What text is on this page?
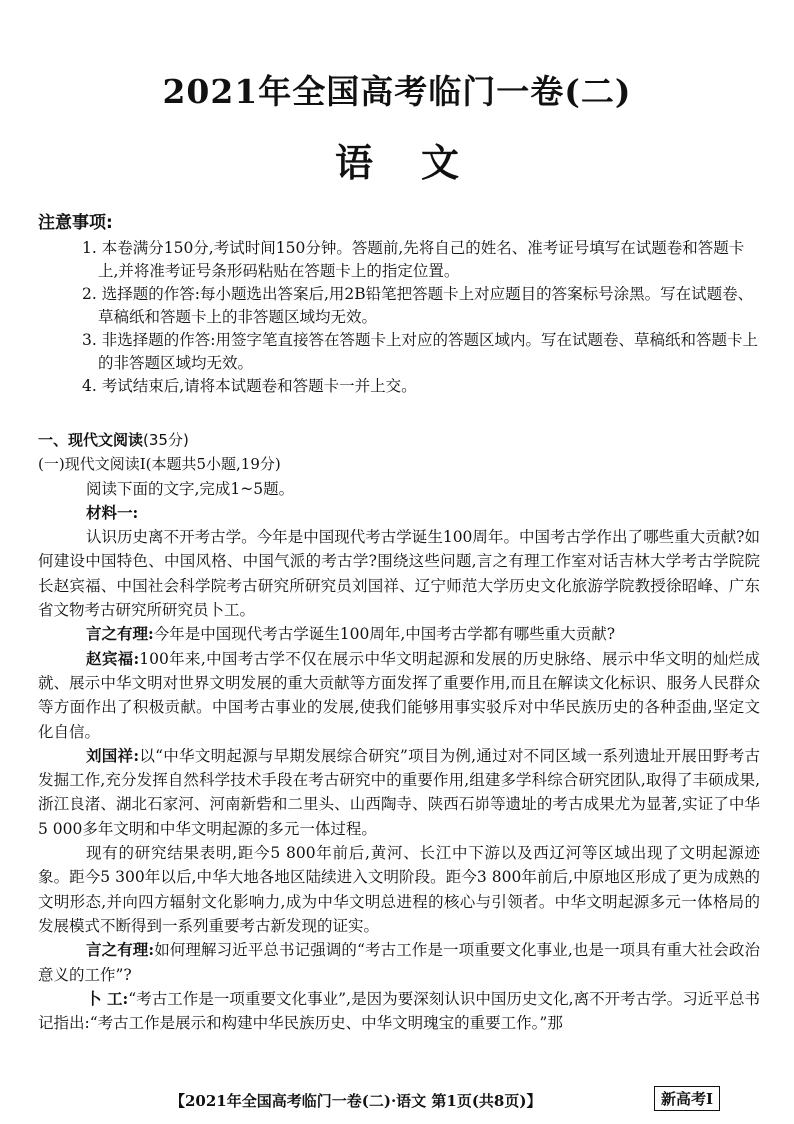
2021年全国高考临门一卷(二)
语文

注意事项:

1. 本卷满分150分,考试时间150分钟。答题前,先将自己的姓名、准考证号填写在试题卷和答题卡上,并将准考证号条形码粘贴在答题卡上的指定位置。
2. 选择题的作答:每小题选出答案后,用2B铅笔把答题卡上对应题目的答案标号涂黑。写在试题卷、草稿纸和答题卡上的非答题区域均无效。
3. 非选择题的作答:用签字笔直接答在答题卡上对应的答题区域内。写在试题卷、草稿纸和答题卡上的非答题区域均无效。
4. 考试结束后,请将本试题卷和答题卡一并上交。

一、现代文阅读(35分)

(一)现代文阅读Ⅰ(本题共5小题,19分)

阅读下面的文字,完成1~5题。

材料一:

认识历史离不开考古学。今年是中国现代考古学诞生100周年。中国考古学作出了哪些重大贡献?如何建设中国特色、中国风格、中国气派的考古学?围绕这些问题,言之有理工作室对话吉林大学考古学院院长赵宾福、中国社会科学院考古研究所研究员刘国祥、辽宁师范大学历史文化旅游学院教授徐昭峰、广东省文物考古研究所研究员卜工。

言之有理:今年是中国现代考古学诞生100周年,中国考古学都有哪些重大贡献?

赵宾福:100年来,中国考古学不仅在展示中华文明起源和发展的历史脉络、展示中华文明的灿烂成就、展示中华文明对世界文明发展的重大贡献等方面发挥了重要作用,而且在解读文化标识、服务人民群众等方面作出了积极贡献。中国考古事业的发展,使我们能够用事实驳斥对中华民族历史的各种歪曲,坚定文化自信。

刘国祥:以“中华文明起源与早期发展综合研究”项目为例,通过对不同区域一系列遗址开展田野考古发掘工作,充分发挥自然科学技术手段在考古研究中的重要作用,组建多学科综合研究团队,取得了丰硕成果,浙江良渚、湖北石家河、河南新砦和二里头、山西陶寺、陕西石峁等遗址的考古成果尤为显著,实证了中华5 000多年文明和中华文明起源的多元一体过程。

现有的研究结果表明,距今5 800年前后,黄河、长江中下游以及西辽河等区域出现了文明起源迹象。距今5 300年以后,中华大地各地区陆续进入文明阶段。距今3 800年前后,中原地区形成了更为成熟的文明形态,并向四方辐射文化影响力,成为中华文明总进程的核心与引领者。中华文明起源多元一体格局的发展模式不断得到一系列重要考古新发现的证实。

言之有理:如何理解习近平总书记强调的“考古工作是一项重要文化事业,也是一项具有重大社会政治意义的工作”?

卜 工:“考古工作是一项重要文化事业”,是因为要深刻认识中国历史文化,离不开考古学。习近平总书记指出:“考古工作是展示和构建中华民族历史、中华文明瑰宝的重要工作。”那

【2021年全国高考临门一卷(二)·语文 第1页(共8页)】	新高考Ⅰ
